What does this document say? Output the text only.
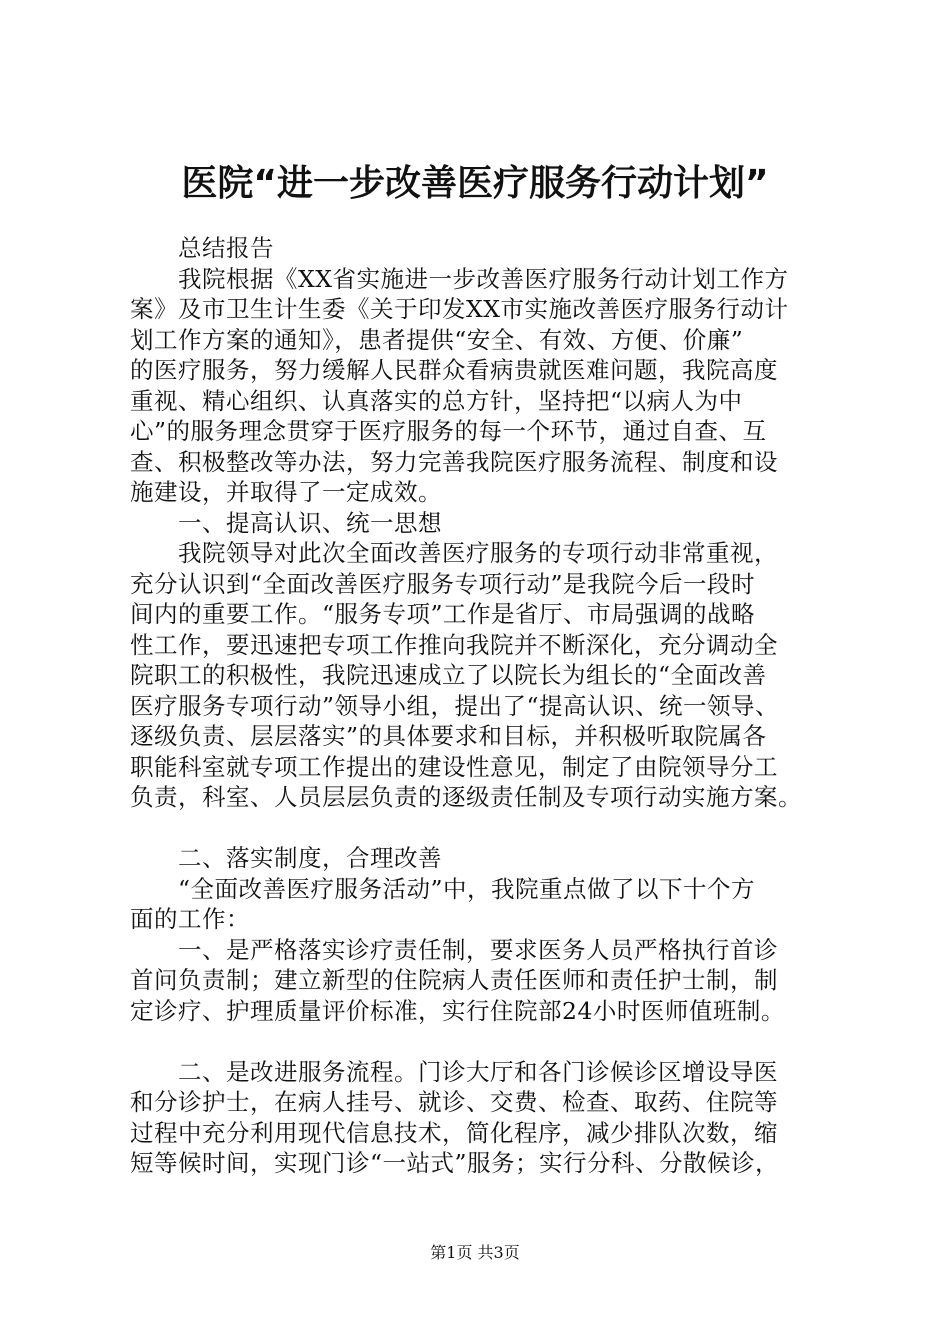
医院“进一步改善医疗服务行动计划”
总结报告
我院根据《XX省实施进一步改善医疗服务行动计划工作方
案》及市卫生计生委《关于印发XX市实施改善医疗服务行动计
划工作方案的通知》，患者提供“安全、有效、方便、价廉”
的医疗服务，努力缓解人民群众看病贵就医难问题，我院高度
重视、精心组织、认真落实的总方针，坚持把“以病人为中
心”的服务理念贯穿于医疗服务的每一个环节，通过自查、互
查、积极整改等办法，努力完善我院医疗服务流程、制度和设
施建设，并取得了一定成效。
一、提高认识、统一思想
我院领导对此次全面改善医疗服务的专项行动非常重视，
充分认识到“全面改善医疗服务专项行动”是我院今后一段时
间内的重要工作。“服务专项”工作是省厅、市局强调的战略
性工作，要迅速把专项工作推向我院并不断深化，充分调动全
院职工的积极性，我院迅速成立了以院长为组长的“全面改善
医疗服务专项行动”领导小组，提出了“提高认识、统一领导、
逐级负责、层层落实”的具体要求和目标，并积极听取院属各
职能科室就专项工作提出的建设性意见，制定了由院领导分工
负责，科室、人员层层负责的逐级责任制及专项行动实施方案。
二、落实制度，合理改善
“全面改善医疗服务活动”中，我院重点做了以下十个方
面的工作：
一、是严格落实诊疗责任制，要求医务人员严格执行首诊
首问负责制；建立新型的住院病人责任医师和责任护士制，制
定诊疗、护理质量评价标准，实行住院部24小时医师值班制。
二、是改进服务流程。门诊大厅和各门诊候诊区增设导医
和分诊护士，在病人挂号、就诊、交费、检查、取药、住院等
过程中充分利用现代信息技术，简化程序，减少排队次数，缩
短等候时间，实现门诊“一站式”服务；实行分科、分散候诊，
第1页 共3页
